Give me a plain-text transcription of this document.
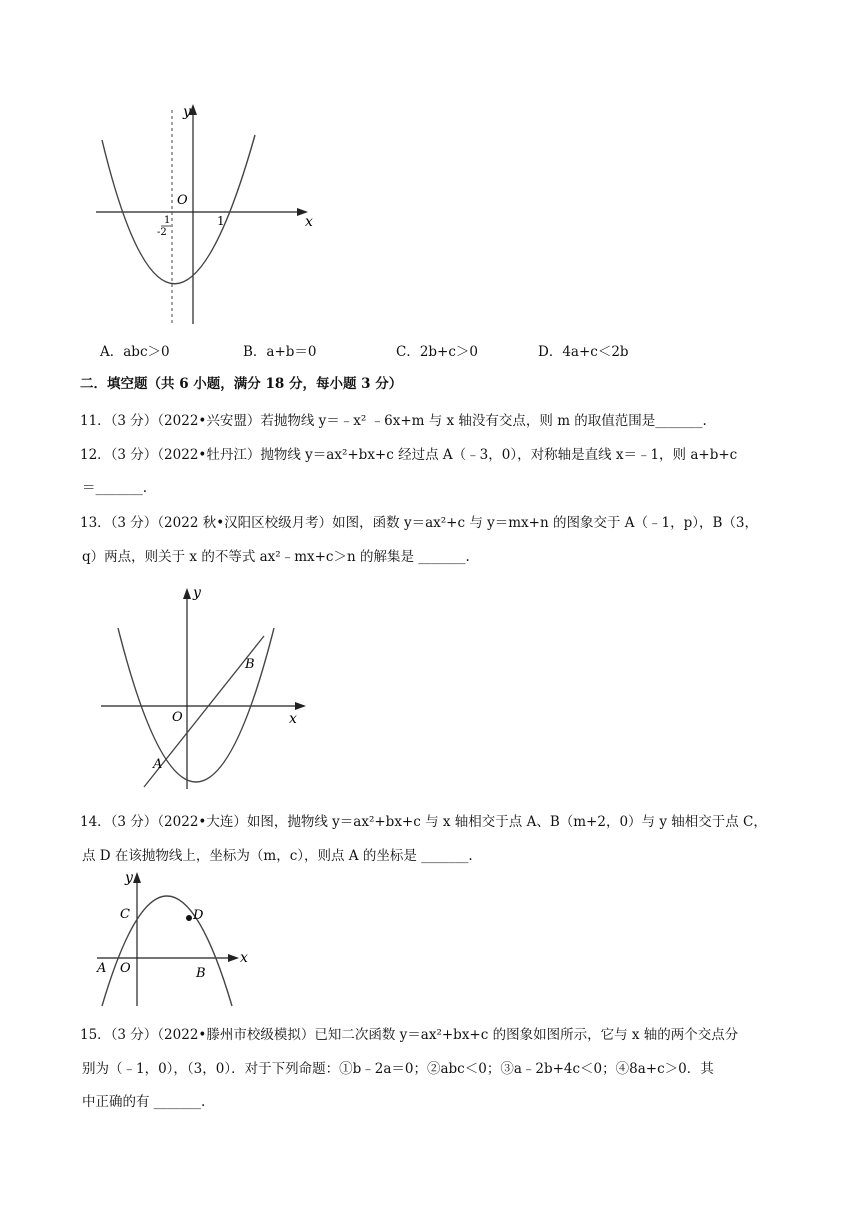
y
x
O
1
-2
1
A．abc＞0	B．a+b＝0	C．2b+c＞0	D．4a+c＜2b
二．填空题（共 6 小题，满分 18 分，每小题 3 分）
11．（3 分）（2022•兴安盟）若抛物线 y＝﹣x² ﹣6x+m 与 x 轴没有交点，则 m 的取值范围是_______.
12．（3 分）（2022•牡丹江）抛物线 y＝ax²+bx+c 经过点 A（﹣3，0），对称轴是直线 x＝﹣1，则 a+b+c
＝_______.
13．（3 分）（2022 秋•汉阳区校级月考）如图，函数 y＝ax²+c 与 y＝mx+n 的图象交于 A（﹣1，p），B（3，
q）两点，则关于 x 的不等式 ax²﹣mx+c＞n 的解集是 _______.
y
x
O
A
B
14．（3 分）（2022•大连）如图，抛物线 y＝ax²+bx+c 与 x 轴相交于点 A、B（m+2，0）与 y 轴相交于点 C，
点 D 在该抛物线上，坐标为（m，c），则点 A 的坐标是 _______.
y
x
O
A	B
C	D
15．（3 分）（2022•滕州市校级模拟）已知二次函数 y＝ax²+bx+c 的图象如图所示，它与 x 轴的两个交点分
别为（﹣1，0），（3，0）．对于下列命题：①b﹣2a＝0；②abc＜0；③a﹣2b+4c＜0；④8a+c＞0．其
中正确的有 _______.
